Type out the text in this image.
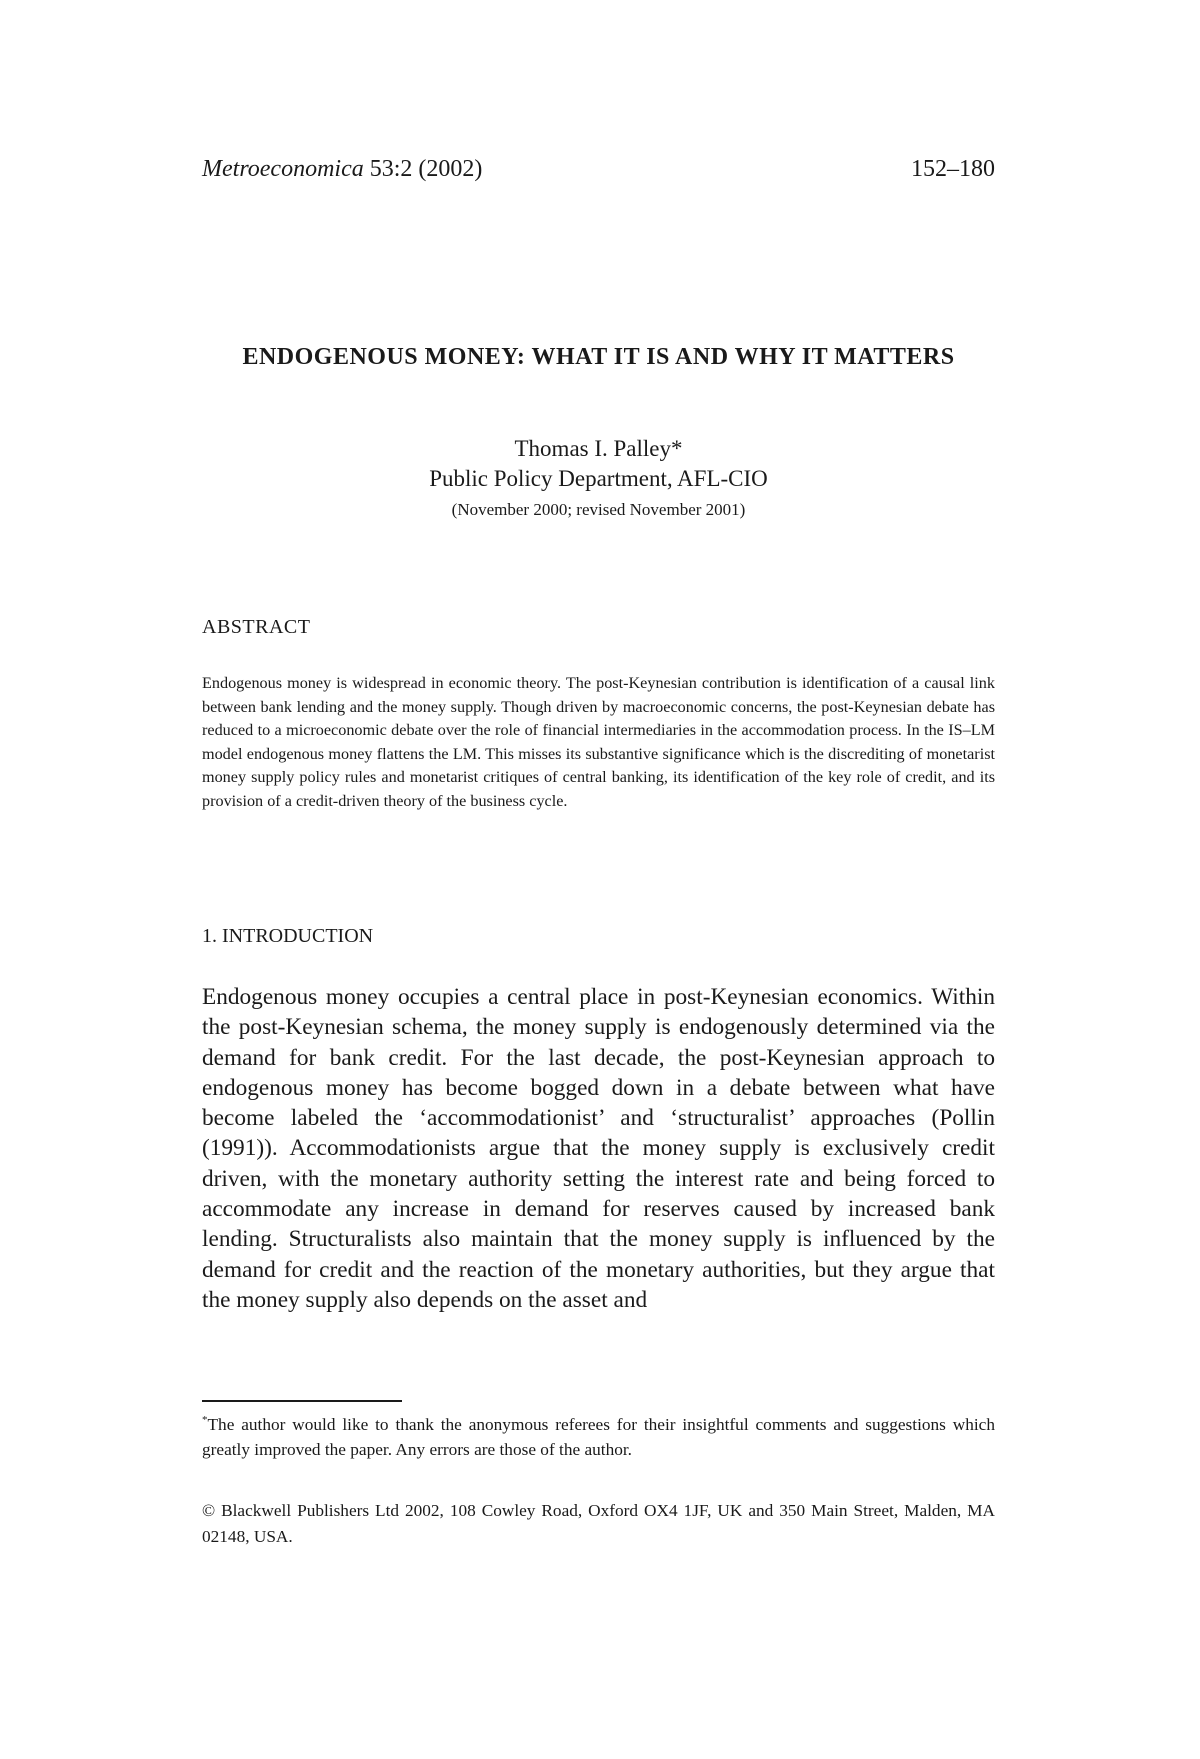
Metroeconomica 53:2 (2002)	152–180
ENDOGENOUS MONEY: WHAT IT IS AND WHY IT MATTERS
Thomas I. Palley*
Public Policy Department, AFL-CIO
(November 2000; revised November 2001)
ABSTRACT
Endogenous money is widespread in economic theory. The post-Keynesian contribution is identification of a causal link between bank lending and the money supply. Though driven by macroeconomic concerns, the post-Keynesian debate has reduced to a microeconomic debate over the role of financial intermediaries in the accommodation process. In the IS–LM model endogenous money flattens the LM. This misses its substantive significance which is the discrediting of monetarist money supply policy rules and monetarist critiques of central banking, its identification of the key role of credit, and its provision of a credit-driven theory of the business cycle.
1. INTRODUCTION
Endogenous money occupies a central place in post-Keynesian economics. Within the post-Keynesian schema, the money supply is endogenously determined via the demand for bank credit. For the last decade, the post-Keynesian approach to endogenous money has become bogged down in a debate between what have become labeled the ‘accommodationist’ and ‘structuralist’ approaches (Pollin (1991)). Accommodationists argue that the money supply is exclusively credit driven, with the monetary authority setting the interest rate and being forced to accommodate any increase in demand for reserves caused by increased bank lending. Structuralists also maintain that the money supply is influenced by the demand for credit and the reaction of the monetary authorities, but they argue that the money supply also depends on the asset and
*The author would like to thank the anonymous referees for their insightful comments and suggestions which greatly improved the paper. Any errors are those of the author.
© Blackwell Publishers Ltd 2002, 108 Cowley Road, Oxford OX4 1JF, UK and 350 Main Street, Malden, MA 02148, USA.
